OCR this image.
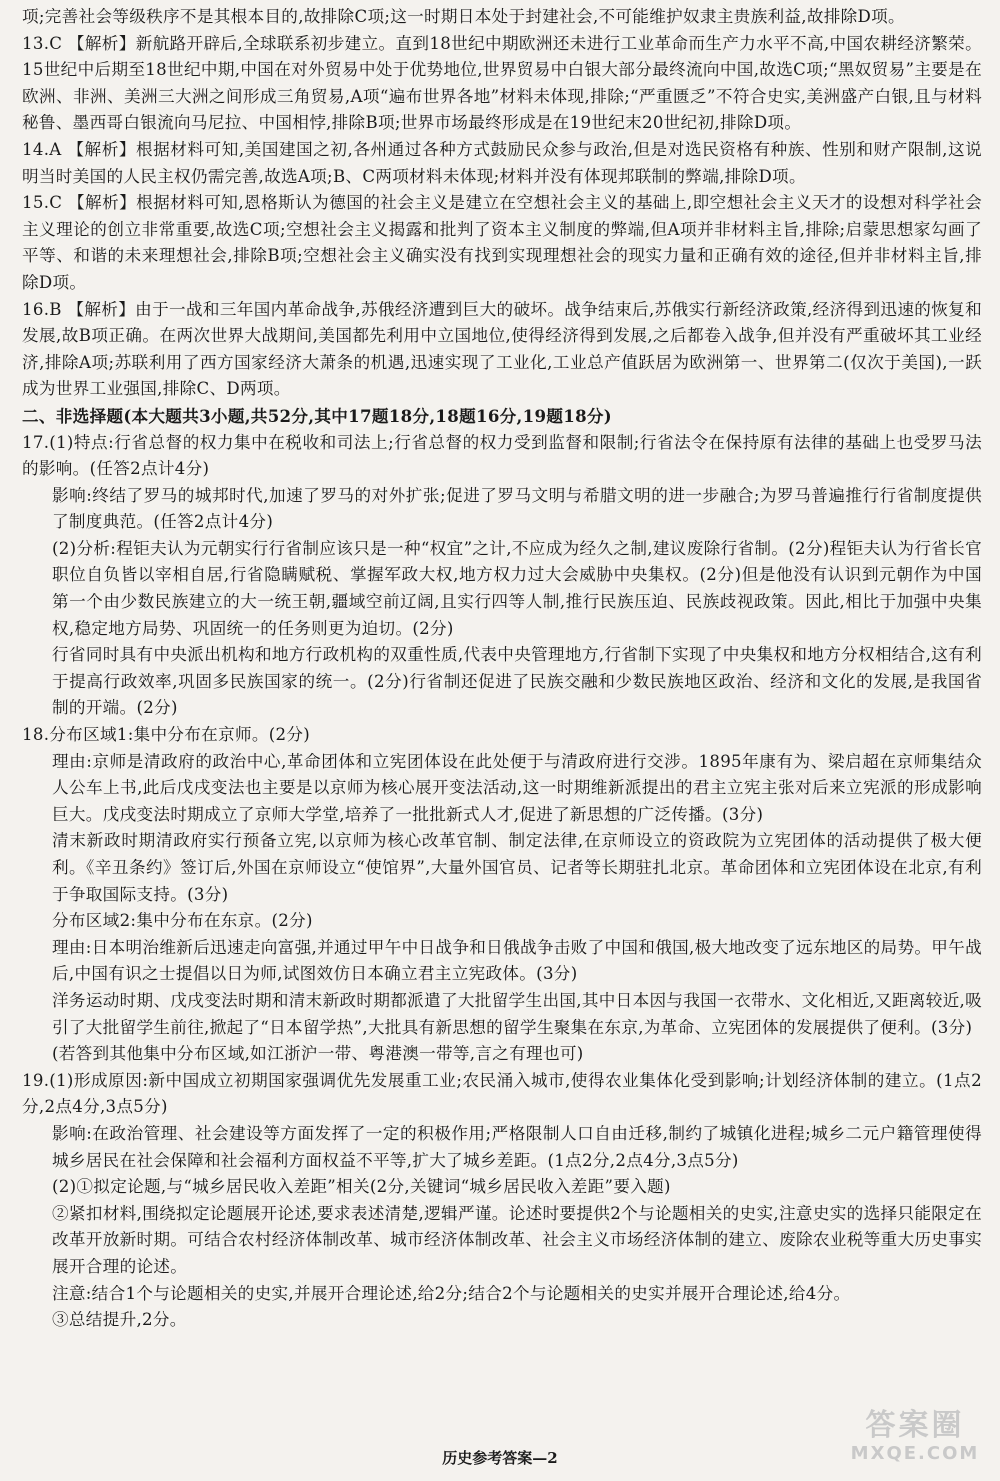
项;完善社会等级秩序不是其根本目的,故排除C项;这一时期日本处于封建社会,不可能维护奴隶主贵族利益,故排除D项。

13.C 【解析】新航路开辟后,全球联系初步建立。直到18世纪中期欧洲还未进行工业革命而生产力水平不高,中国农耕经济繁荣。15世纪中后期至18世纪中期,中国在对外贸易中处于优势地位,世界贸易中白银大部分最终流向中国,故选C项;“黑奴贸易”主要是在欧洲、非洲、美洲三大洲之间形成三角贸易,A项“遍布世界各地”材料未体现,排除;“严重匮乏”不符合史实,美洲盛产白银,且与材料秘鲁、墨西哥白银流向马尼拉、中国相悖,排除B项;世界市场最终形成是在19世纪末20世纪初,排除D项。

14.A 【解析】根据材料可知,美国建国之初,各州通过各种方式鼓励民众参与政治,但是对选民资格有种族、性别和财产限制,这说明当时美国的人民主权仍需完善,故选A项;B、C两项材料未体现;材料并没有体现邦联制的弊端,排除D项。

15.C 【解析】根据材料可知,恩格斯认为德国的社会主义是建立在空想社会主义的基础上,即空想社会主义天才的设想对科学社会主义理论的创立非常重要,故选C项;空想社会主义揭露和批判了资本主义制度的弊端,但A项并非材料主旨,排除;启蒙思想家勾画了平等、和谐的未来理想社会,排除B项;空想社会主义确实没有找到实现理想社会的现实力量和正确有效的途径,但并非材料主旨,排除D项。

16.B 【解析】由于一战和三年国内革命战争,苏俄经济遭到巨大的破坏。战争结束后,苏俄实行新经济政策,经济得到迅速的恢复和发展,故B项正确。在两次世界大战期间,美国都先利用中立国地位,使得经济得到发展,之后都卷入战争,但并没有严重破坏其工业经济,排除A项;苏联利用了西方国家经济大萧条的机遇,迅速实现了工业化,工业总产值跃居为欧洲第一、世界第二(仅次于美国),一跃成为世界工业强国,排除C、D两项。

二、非选择题(本大题共3小题,共52分,其中17题18分,18题16分,19题18分)

17.(1)特点:行省总督的权力集中在税收和司法上;行省总督的权力受到监督和限制;行省法令在保持原有法律的基础上也受罗马法的影响。(任答2点计4分)

影响:终结了罗马的城邦时代,加速了罗马的对外扩张;促进了罗马文明与希腊文明的进一步融合;为罗马普遍推行行省制度提供了制度典范。(任答2点计4分)

(2)分析:程钜夫认为元朝实行行省制应该只是一种“权宜”之计,不应成为经久之制,建议废除行省制。(2分)程钜夫认为行省长官职位自负皆以宰相自居,行省隐瞒赋税、掌握军政大权,地方权力过大会威胁中央集权。(2分)但是他没有认识到元朝作为中国第一个由少数民族建立的大一统王朝,疆域空前辽阔,且实行四等人制,推行民族压迫、民族歧视政策。因此,相比于加强中央集权,稳定地方局势、巩固统一的任务则更为迫切。(2分)

行省同时具有中央派出机构和地方行政机构的双重性质,代表中央管理地方,行省制下实现了中央集权和地方分权相结合,这有利于提高行政效率,巩固多民族国家的统一。(2分)行省制还促进了民族交融和少数民族地区政治、经济和文化的发展,是我国省制的开端。(2分)

18.分布区域1:集中分布在京师。(2分)

理由:京师是清政府的政治中心,革命团体和立宪团体设在此处便于与清政府进行交涉。1895年康有为、梁启超在京师集结众人公车上书,此后戊戌变法也主要是以京师为核心展开变法活动,这一时期维新派提出的君主立宪主张对后来立宪派的形成影响巨大。戊戌变法时期成立了京师大学堂,培养了一批批新式人才,促进了新思想的广泛传播。(3分)

清末新政时期清政府实行预备立宪,以京师为核心改革官制、制定法律,在京师设立的资政院为立宪团体的活动提供了极大便利。《辛丑条约》签订后,外国在京师设立“使馆界”,大量外国官员、记者等长期驻扎北京。革命团体和立宪团体设在北京,有利于争取国际支持。(3分)

分布区域2:集中分布在东京。(2分)

理由:日本明治维新后迅速走向富强,并通过甲午中日战争和日俄战争击败了中国和俄国,极大地改变了远东地区的局势。甲午战后,中国有识之士提倡以日为师,试图效仿日本确立君主立宪政体。(3分)

洋务运动时期、戊戌变法时期和清末新政时期都派遣了大批留学生出国,其中日本因与我国一衣带水、文化相近,又距离较近,吸引了大批留学生前往,掀起了“日本留学热”,大批具有新思想的留学生聚集在东京,为革命、立宪团体的发展提供了便利。(3分)

(若答到其他集中分布区域,如江浙沪一带、粤港澳一带等,言之有理也可)

19.(1)形成原因:新中国成立初期国家强调优先发展重工业;农民涌入城市,使得农业集体化受到影响;计划经济体制的建立。(1点2分,2点4分,3点5分)

影响:在政治管理、社会建设等方面发挥了一定的积极作用;严格限制人口自由迁移,制约了城镇化进程;城乡二元户籍管理使得城乡居民在社会保障和社会福利方面权益不平等,扩大了城乡差距。(1点2分,2点4分,3点5分)

(2)①拟定论题,与“城乡居民收入差距”相关(2分,关键词“城乡居民收入差距”要入题)

②紧扣材料,围绕拟定论题展开论述,要求表述清楚,逻辑严谨。论述时要提供2个与论题相关的史实,注意史实的选择只能限定在改革开放新时期。可结合农村经济体制改革、城市经济体制改革、社会主义市场经济体制的建立、废除农业税等重大历史事实展开合理的论述。

注意:结合1个与论题相关的史实,并展开合理论述,给2分;结合2个与论题相关的史实并展开合理论述,给4分。

③总结提升,2分。

历史参考答案—2
答案圈
MXQE.COM
